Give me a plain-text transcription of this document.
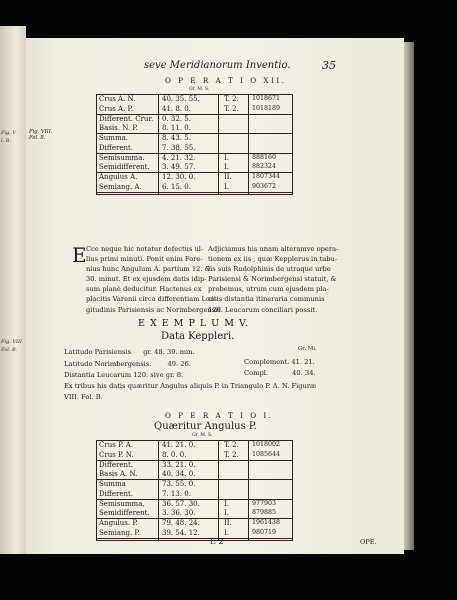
Fig. V
l. B.
Fig. VIII
Fol. B.
seve Meridianorum Inventio.	35
O P E R A T I O XII.
Gr. M. S.
Fig. VIII.
Fol. 8.
E Cce neque hic notatur defectus ul-
lius primi minuti. Ponit enim Fore-
nius hunc Angulum A. partium 12. &
30. minut. Et ex ejusdem datis idip-
sum planè deducitur. Hactenus ex
placitis Varenii circa differentiam Lon-
gitudinis Parisiensis ac Norimbergensis.
Adjiciamus his unam alteramve opera-
tionem ex iis , quæ Kepplerus in tabu-
lis suis Rudolphinis de utraque urbe
Parisiensi & Norimbergensi statuit, &
probemus, utrum cum ejusdem pla-
citis distantia itineraria communis
120. Leucarum conciliari possit.
E X E M P L U M V.
Data Keppleri.
Latitudo Parisiensis gr. 48. 39. min.	Gr. Mi.
Complement. 41. 21.
Latitudo Norimbergensis. 49. 26.
Compl.	40. 34.
Distantia Leucarum 120. sive gr. 8.
Ex tribus his datis quæritur Angulus aliquis P. in Triangulo P. A. N. Figuræ
VIII. Fol. B.
O P E R A T I O I.
Quæritur Angulus P.
Gr. M. S.
E 2	OPE.
Crus A. N.	40. 35. 55.	T. 2. 1018671
Crus A. P.	41. 8. 0.	T. 2. 1018189
Different. Crur. 0. 32. 5.
Basis. N. P.	8. 11. 0.
Summa.	8. 43. 5.
Different.	7. 38. 55.
Semisumma. 4. 21. 32.	I.	888160
Semidifferent. 3. 49. 57.	I.	882324
Angulus A.	12. 30. 0.	II.	1807344
Semiang. A.	6. 15. 0.	I.	903672
Crus P. A.	41. 21. 0.	T. 2. 1018002
Crus P. N.	8. 0. 0.	T. 2. 1085644
Different.	33. 21. 0.
Basis A. N.	40. 34. 0.
Summa	73. 55. 0.
Different.	7. 13. 0.
Semisumma, 36. 57. 30.	I.	977903
Semidifferent. 3. 36. 30.	I.	879885
Angulus. P.	79. 48. 24.	II.	1961438
Semiang. P.	39. 54. 12.	I.	980719
